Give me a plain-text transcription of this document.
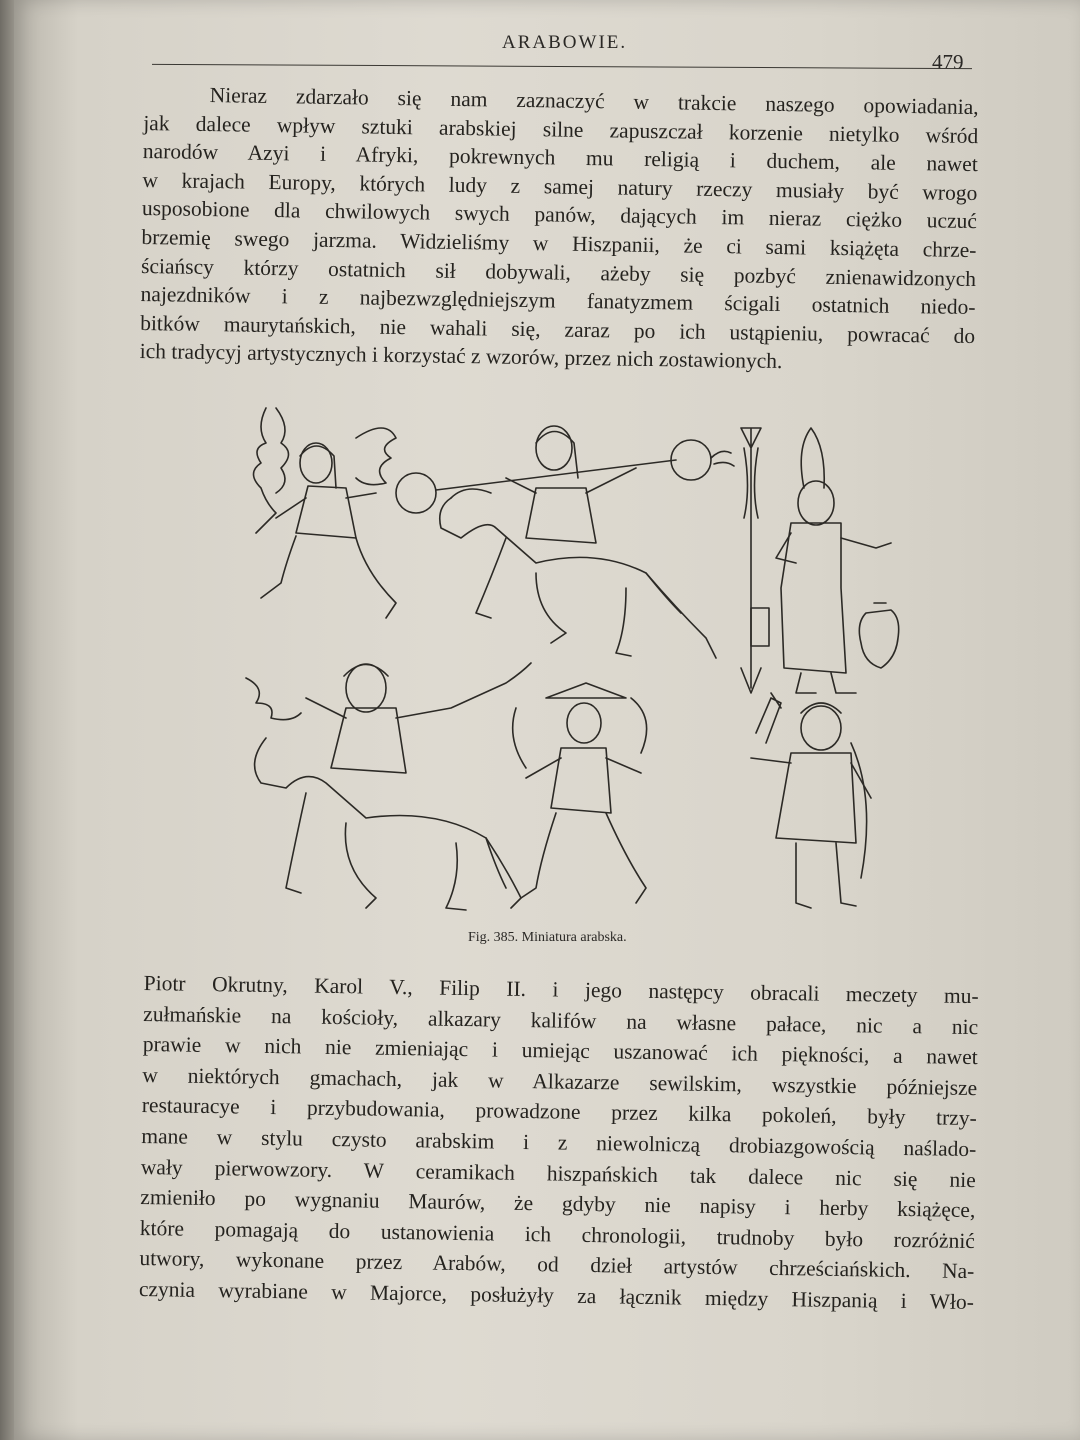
ARABOWIE.
479
Nieraz zdarzało się nam zaznaczyć w trakcie naszego opowiadania,
jak dalece wpływ sztuki arabskiej silne zapuszczał korzenie nietylko wśród
narodów Azyi i Afryki, pokrewnych mu religią i duchem, ale nawet
w krajach Europy, których ludy z samej natury rzeczy musiały być wrogo
usposobione dla chwilowych swych panów, dających im nieraz ciężko uczuć
brzemię swego jarzma. Widzieliśmy w Hiszpanii, że ci sami książęta chrze-
ściańscy którzy ostatnich sił dobywali, ażeby się pozbyć znienawidzonych
najezdników i z najbezwzględniejszym fanatyzmem ścigali ostatnich niedo-
bitków maurytańskich, nie wahali się, zaraz po ich ustąpieniu, powracać do
ich tradycyj artystycznych i korzystać z wzorów, przez nich zostawionych.
Fig. 385. Miniatura arabska.
Piotr Okrutny, Karol V., Filip II. i jego następcy obracali meczety mu-
zułmańskie na kościoły, alkazary kalifów na własne pałace, nic a nic
prawie w nich nie zmieniając i umiejąc uszanować ich piękności, a nawet
w niektórych gmachach, jak w Alkazarze sewilskim, wszystkie późniejsze
restauracye i przybudowania, prowadzone przez kilka pokoleń, były trzy-
mane w stylu czysto arabskim i z niewolniczą drobiazgowością naślado-
wały pierwowzory. W ceramikach hiszpańskich tak dalece nic się nie
zmieniło po wygnaniu Maurów, że gdyby nie napisy i herby książęce,
które pomagają do ustanowienia ich chronologii, trudnoby było rozróżnić
utwory, wykonane przez Arabów, od dzieł artystów chrześciańskich. Na-
czynia wyrabiane w Majorce, posłużyły za łącznik między Hiszpanią i Wło-
